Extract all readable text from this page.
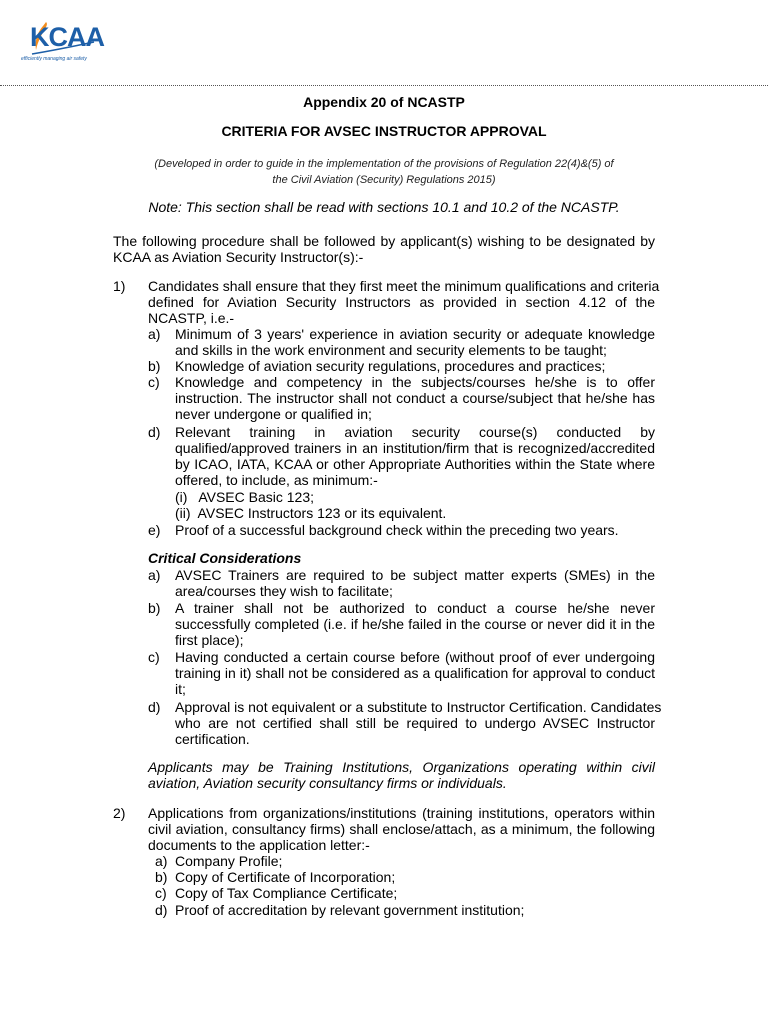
KCAA
efficiently managing air safety
Appendix 20 of NCASTP
CRITERIA FOR AVSEC INSTRUCTOR APPROVAL
(Developed in order to guide in the implementation of the provisions of Regulation 22(4)&(5) of
the Civil Aviation (Security) Regulations 2015)
Note: This section shall be read with sections 10.1 and 10.2 of the NCASTP.
The following procedure shall be followed by applicant(s) wishing to be designated by
KCAA as Aviation Security Instructor(s):-
1) Candidates shall ensure that they first meet the minimum qualifications and criteria
defined for Aviation Security Instructors as provided in section 4.12 of the
NCASTP, i.e.-
a) Minimum of 3 years' experience in aviation security or adequate knowledge
and skills in the work environment and security elements to be taught;
b) Knowledge of aviation security regulations, procedures and practices;
c) Knowledge and competency in the subjects/courses he/she is to offer
instruction. The instructor shall not conduct a course/subject that he/she has
never undergone or qualified in;
d) Relevant training in aviation security course(s) conducted by
qualified/approved trainers in an institution/firm that is recognized/accredited
by ICAO, IATA, KCAA or other Appropriate Authorities within the State where
offered, to include, as minimum:-
(i)   AVSEC Basic 123;
(ii)  AVSEC Instructors 123 or its equivalent.
e) Proof of a successful background check within the preceding two years.
Critical Considerations
a) AVSEC Trainers are required to be subject matter experts (SMEs) in the
area/courses they wish to facilitate;
b) A trainer shall not be authorized to conduct a course he/she never
successfully completed (i.e. if he/she failed in the course or never did it in the
first place);
c) Having conducted a certain course before (without proof of ever undergoing
training in it) shall not be considered as a qualification for approval to conduct
it;
d) Approval is not equivalent or a substitute to Instructor Certification. Candidates
who are not certified shall still be required to undergo AVSEC Instructor
certification.
Applicants may be Training Institutions, Organizations operating within civil
aviation, Aviation security consultancy firms or individuals.
2) Applications from organizations/institutions (training institutions, operators within
civil aviation, consultancy firms) shall enclose/attach, as a minimum, the following
documents to the application letter:-
a) Company Profile;
b) Copy of Certificate of Incorporation;
c) Copy of Tax Compliance Certificate;
d) Proof of accreditation by relevant government institution;
